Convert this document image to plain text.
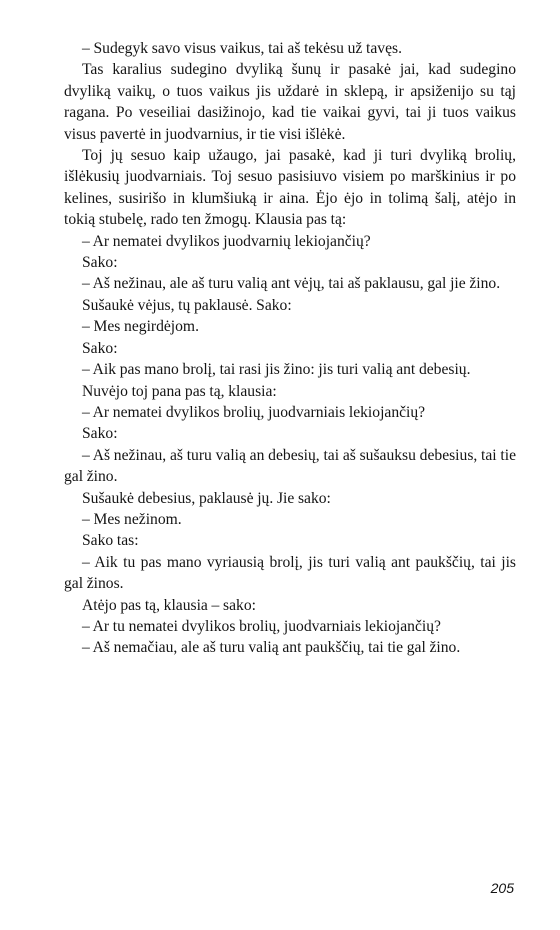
– Sudegyk savo visus vaikus, tai aš tekėsu už tavęs.

Tas karalius sudegino dvyliką šunų ir pasakė jai, kad sudegino dvyliką vaikų, o tuos vaikus jis uždarė in sklepą, ir apsiženijo su tąj ragana. Po veseiliai dasižinojo, kad tie vaikai gyvi, tai ji tuos vaikus visus pavertė in juodvarnius, ir tie visi išlėkė.

Toj jų sesuo kaip užaugo, jai pasakė, kad ji turi dvyliką brolių, išlėkusių juodvarniais. Toj sesuo pasisiuvo visiem po marškinius ir po kelines, susirišo in klumšiuką ir aina. Ėjo ėjo in tolimą šalį, atėjo in tokią stubelę, rado ten žmogų. Klausia pas tą:

– Ar nematei dvylikos juodvarnių lekiojančių?

Sako:

– Aš nežinau, ale aš turu valią ant vėjų, tai aš paklausu, gal jie žino.

Sušaukė vėjus, tų paklausė. Sako:

– Mes negirdėjom.

Sako:

– Aik pas mano brolį, tai rasi jis žino: jis turi valią ant debesių.

Nuvėjo toj pana pas tą, klausia:

– Ar nematei dvylikos brolių, juodvarniais lekiojančių?

Sako:

– Aš nežinau, aš turu valią an debesių, tai aš sušauksu debesius, tai tie gal žino.

Sušaukė debesius, paklausė jų. Jie sako:

– Mes nežinom.

Sako tas:

– Aik tu pas mano vyriausią brolį, jis turi valią ant paukščių, tai jis gal žinos.

Atėjo pas tą, klausia – sako:

– Ar tu nematei dvylikos brolių, juodvarniais lekiojančių?

– Aš nemačiau, ale aš turu valią ant paukščių, tai tie gal žino.

205
